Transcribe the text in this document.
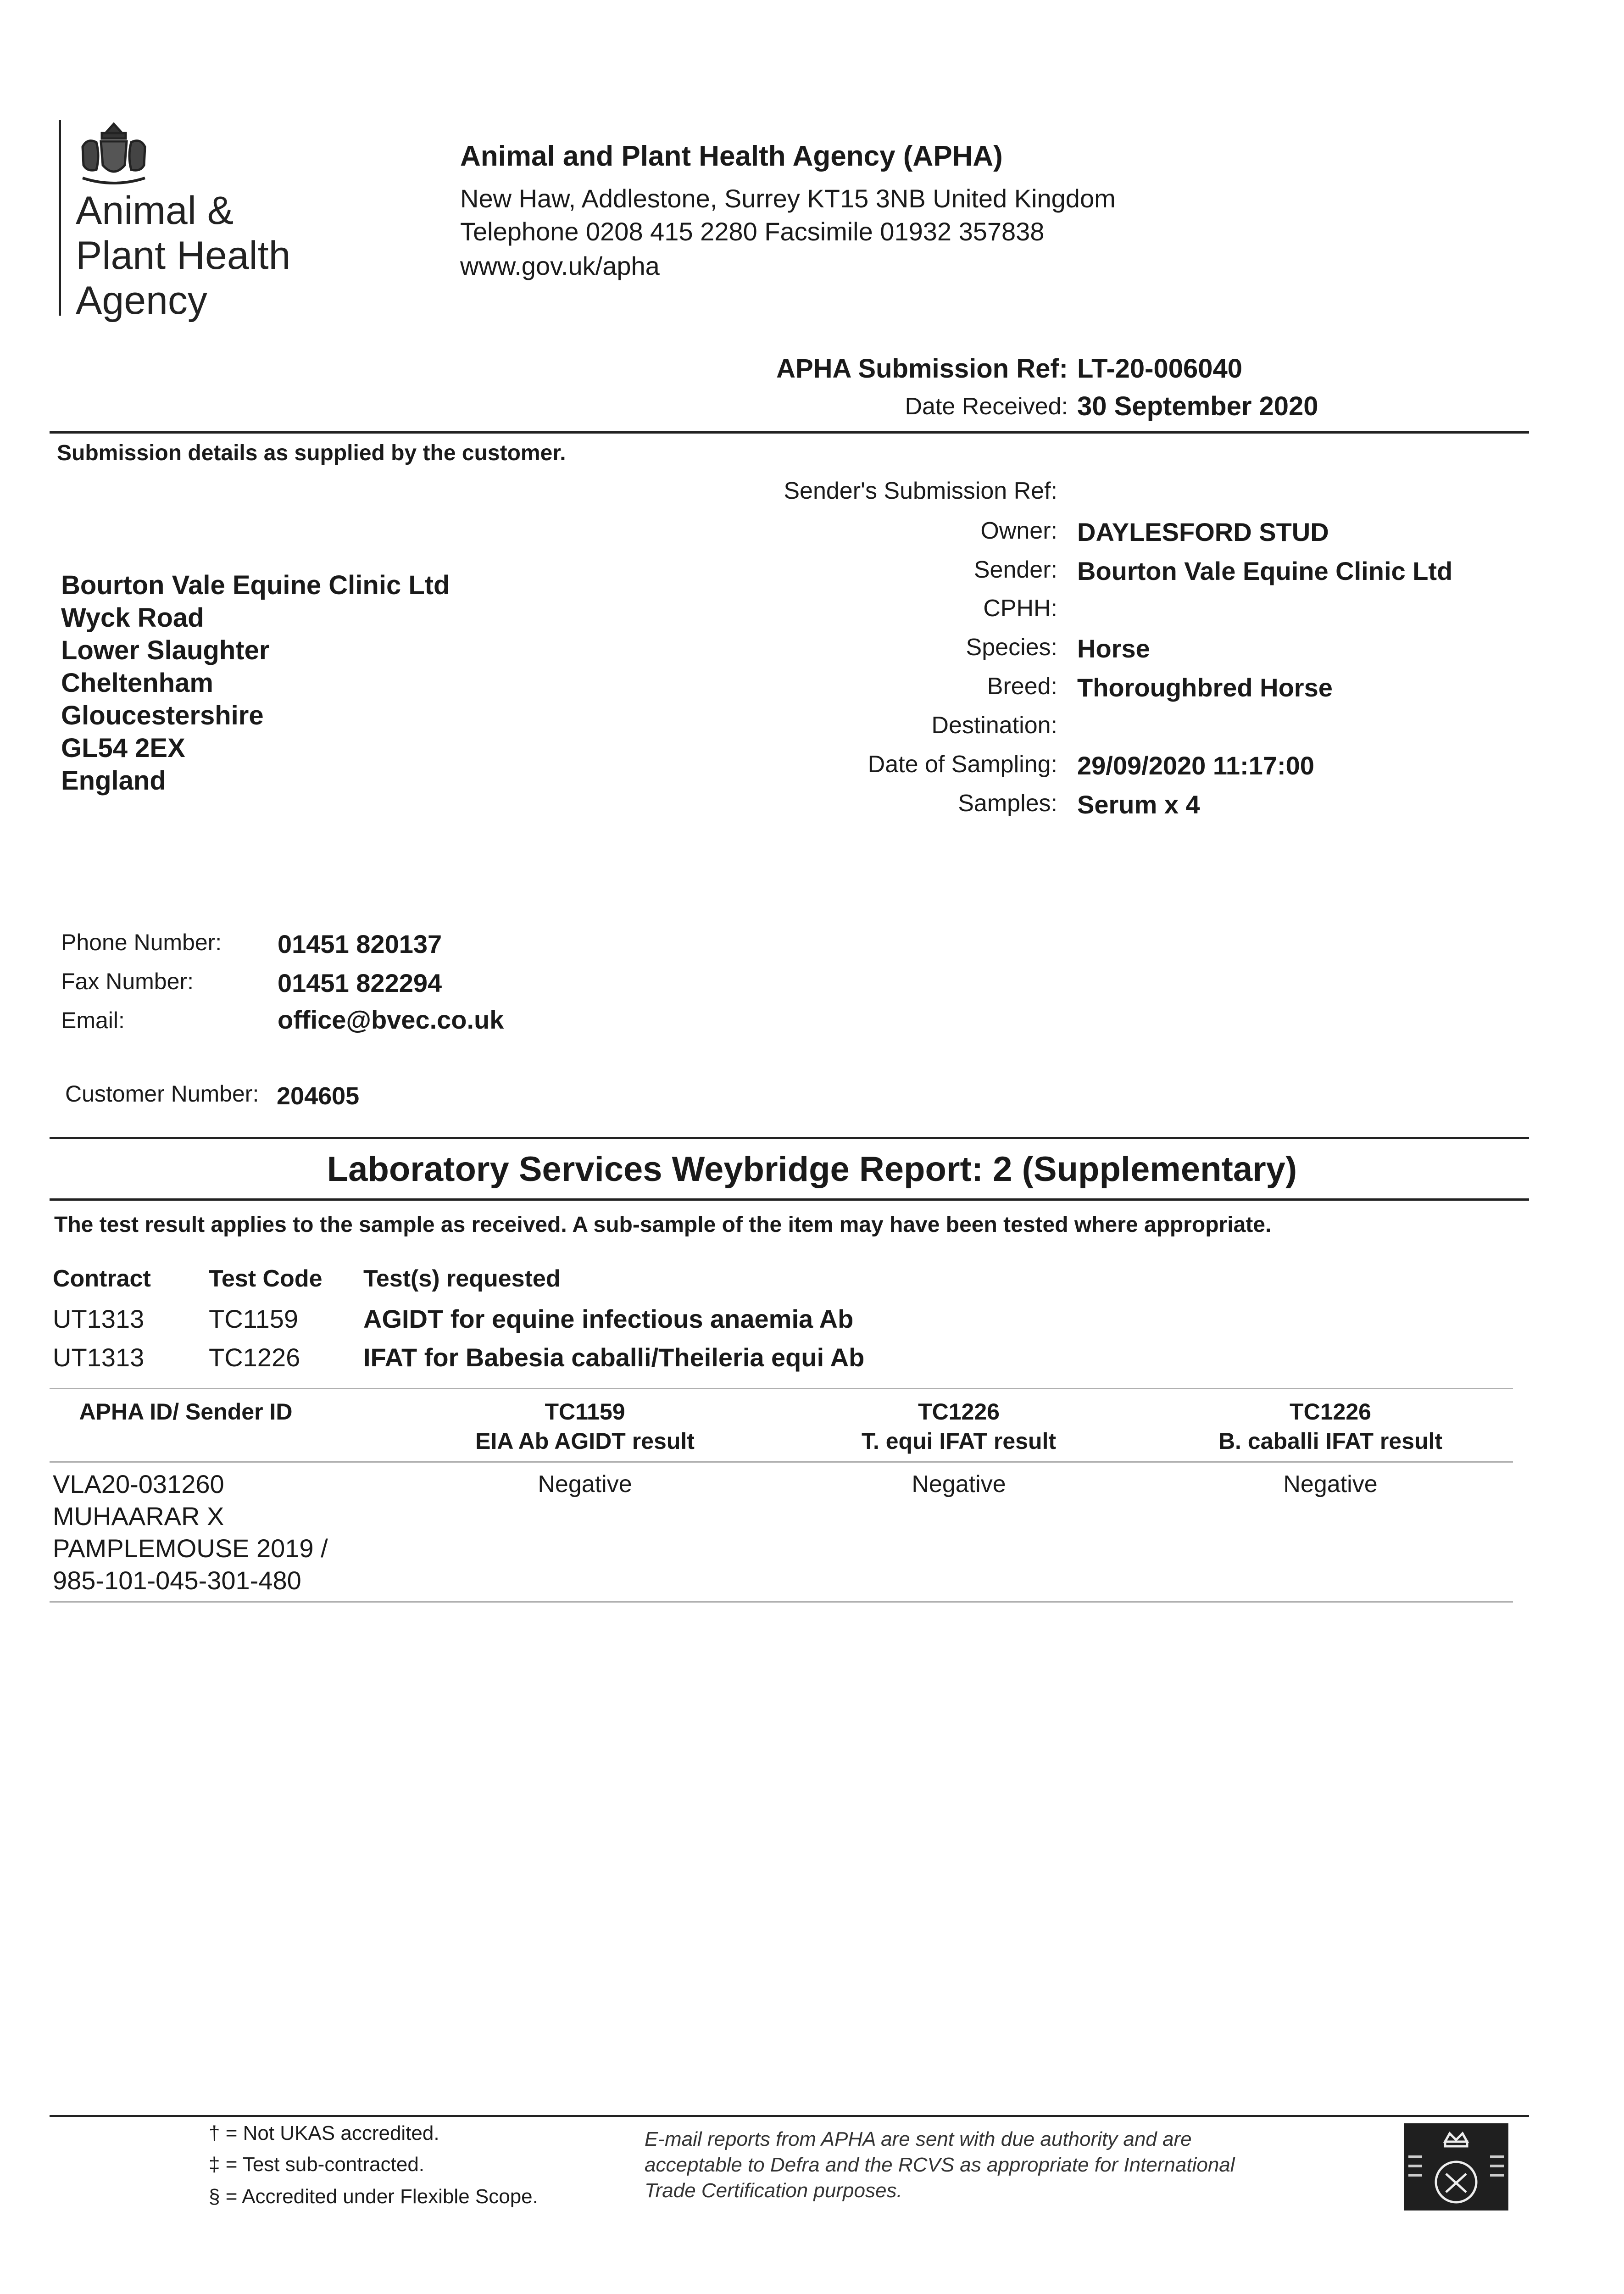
Animal &
Plant Health
Agency
Animal and Plant Health Agency (APHA)
New Haw, Addlestone, Surrey KT15 3NB United Kingdom
Telephone 0208 415 2280 Facsimile 01932 357838
www.gov.uk/apha
APHA Submission Ref: LT-20-006040
Date Received: 30 September 2020
Submission details as supplied by the customer.
Sender's Submission Ref:
Owner: DAYLESFORD STUD
Sender: Bourton Vale Equine Clinic Ltd
CPHH:
Species: Horse
Breed: Thoroughbred Horse
Destination:
Date of Sampling: 29/09/2020 11:17:00
Samples: Serum x 4
Bourton Vale Equine Clinic Ltd
Wyck Road
Lower Slaughter
Cheltenham
Gloucestershire
GL54 2EX
England
Phone Number: 01451 820137
Fax Number:	01451 822294
Email:	office@bvec.co.uk
Customer Number: 204605
Laboratory Services Weybridge Report: 2 (Supplementary)
The test result applies to the sample as received. A sub-sample of the item may have been tested where appropriate.
Contract Test Code Test(s) requested
UT1313	TC1159	AGIDT for equine infectious anaemia Ab
UT1313	TC1226 IFAT for Babesia caballi/Theileria equi Ab
APHA ID/ Sender ID	TC1159
EIA Ab AGIDT result
TC1226
T. equi IFAT result
TC1226
B. caballi IFAT result
VLA20-031260
MUHAARAR X
PAMPLEMOUSE 2019 /
985-101-045-301-480
Negative	Negative	Negative
† = Not UKAS accredited.
‡ = Test sub-contracted.
§ = Accredited under Flexible Scope.
E-mail reports from APHA are sent with due authority and are
acceptable to Defra and the RCVS as appropriate for International
Trade Certification purposes.
